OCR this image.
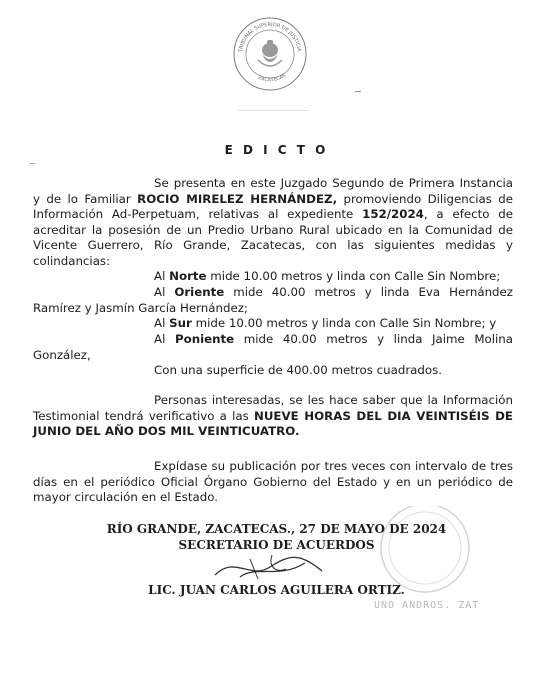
TRIBUNAL SUPERIOR DE JUSTICIA
ZACATECAS
E D I C T O
Se presenta en este Juzgado Segundo de Primera Instancia y de lo Familiar ROCIO MIRELEZ HERNÁNDEZ, promoviendo Diligencias de Información Ad-Perpetuam, relativas al expediente 152/2024, a efecto de acreditar la posesión de un Predio Urbano Rural ubicado en la Comunidad de Vicente Guerrero, Río Grande, Zacatecas, con las siguientes medidas y colindancias:
Al Norte mide 10.00 metros y linda con Calle Sin Nombre;
Al Oriente mide 40.00 metros y linda Eva Hernández Ramírez y Jasmín García Hernández;
Al Sur mide 10.00 metros y linda con Calle Sin Nombre; y
Al Poniente mide 40.00 metros y linda Jaime Molina González,
Con una superficie de 400.00 metros cuadrados.
Personas interesadas, se les hace saber que la Información Testimonial tendrá verificativo a las NUEVE HORAS DEL DIA VEINTISÉIS DE JUNIO DEL AÑO DOS MIL VEINTICUATRO.
Expídase su publicación por tres veces con intervalo de tres días en el periódico Oficial Órgano Gobierno del Estado y en un periódico de mayor circulación en el Estado.
RÍO GRANDE, ZACATECAS., 27 DE MAYO DE 2024
SECRETARIO DE ACUERDOS
LIC. JUAN CARLOS AGUILERA ORTIZ.
UNO ANDROS. ZAT
